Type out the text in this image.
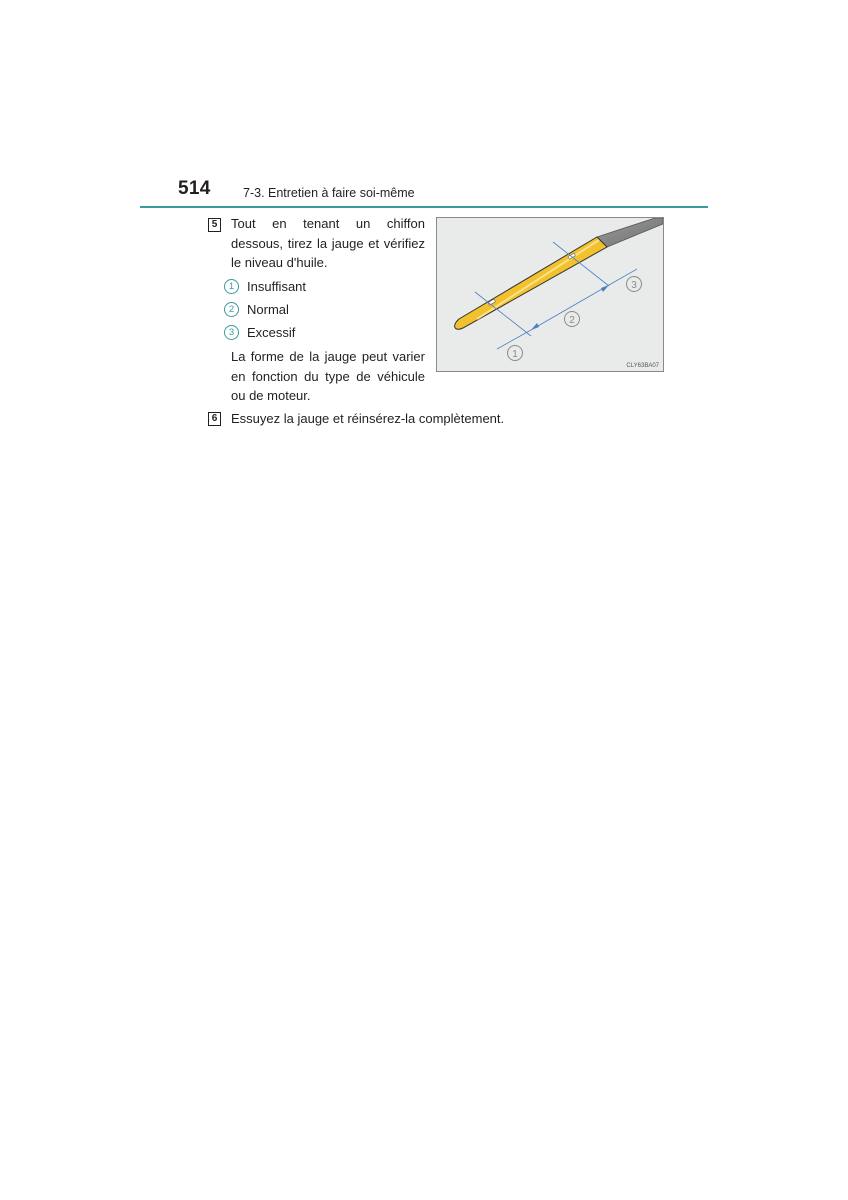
514	7-3. Entretien à faire soi-même
5 Tout en tenant un chiffon dessous, tirez la jauge et vérifiez le niveau d'huile.
1 Insuffisant
2 Normal
3 Excessif
La forme de la jauge peut varier en fonction du type de véhicule ou de moteur.
1
2
3
CLY63BA07
6 Essuyez la jauge et réinsérez-la complètement.
